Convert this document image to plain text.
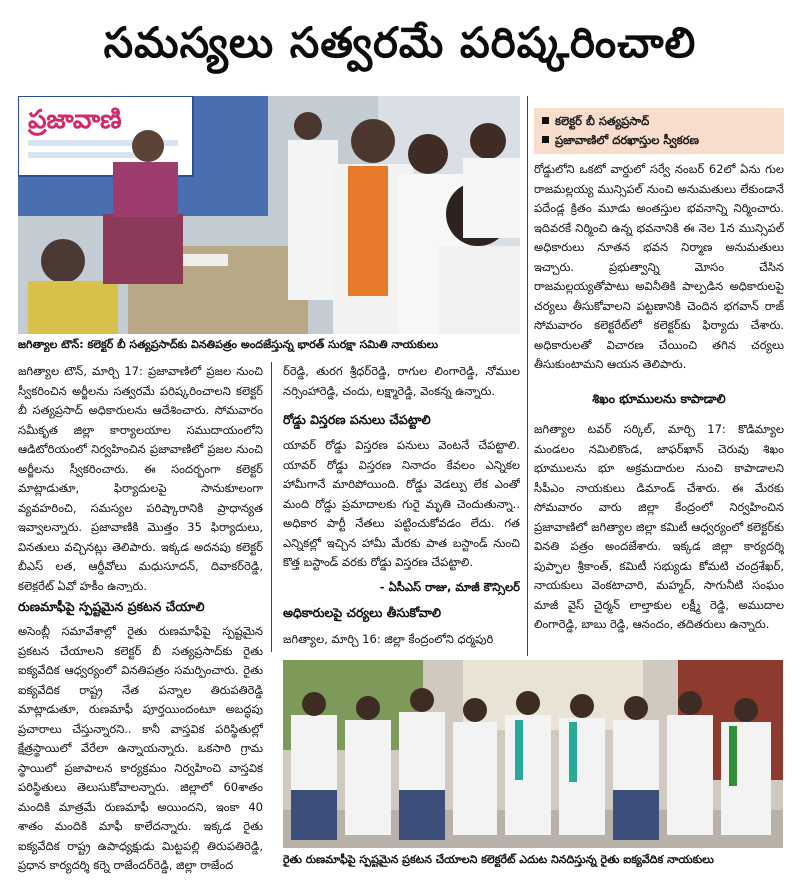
సమస్యలు సత్వరమే పరిష్కరించాలి
ప్రజావాణి
జగిత్యాల టౌన్: కలెక్టర్ బీ సత్యప్రసాద్‌కు వినతిపత్రం అందజేస్తున్న భారత్ సురక్షా సమితి నాయకులు
కలెక్టర్ బీ సత్యప్రసాద్
ప్రజావాణిలో దరఖాస్తుల స్వీకరణ
జగిత్యాల టౌన్, మార్చి 17: ప్రజావాణిలో ప్రజల నుంచి స్వీకరించిన అర్జీలను సత్వరమే పరిష్కరించాలని కలెక్టర్ బీ సత్యప్రసాద్ అధికారులను ఆదేశించారు. సోమవారం సమీకృత జిల్లా కార్యాలయాల సముదాయంలోని ఆడిటోరియంలో నిర్వహించిన ప్రజావాణిలో ప్రజల నుంచి అర్జీలను స్వీకరించారు. ఈ సందర్భంగా కలెక్టర్ మాట్లాడుతూ, ఫిర్యాదులపై సానుకూలంగా వ్యవహరించి, సమస్యల పరిష్కారానికి ప్రాధాన్యత ఇవ్వాలన్నారు. ప్రజావాణికి మొత్తం 35 ఫిర్యాదులు, వినతులు వచ్చినట్లు తెలిపారు. ఇక్కడ అదనపు కలెక్టర్ బీఎస్ లత, ఆర్డీవోలు మధుసూదన్, దివాకర్‌రెడ్డి, కలెక్టరేట్ ఏవో హకీం ఉన్నారు.
రుణమాఫీపై స్పష్టమైన ప్రకటన చేయాలి
అసెంబ్లీ సమావేశాల్లో రైతు రుణమాఫీపై స్పష్టమైన ప్రకటన చేయాలని కలెక్టర్ బీ సత్యప్రసాద్‌కు రైతు ఐక్యవేదిక ఆధ్వర్యంలో వినతిపత్రం సమర్పించారు. రైతు ఐక్యవేదిక రాష్ట్ర నేత పన్నాల తిరుపతిరెడ్డి మాట్లాడుతూ, రుణమాఫీ పూర్తయిందంటూ అబద్ధపు ప్రచారాలు చేస్తున్నారని.. కానీ వాస్తవిక పరిస్థితుల్లో క్షేత్రస్థాయిలో వేరేలా ఉన్నాయన్నారు. ఒకసారి గ్రామ స్థాయిలో ప్రజాపాలన కార్యక్రమం నిర్వహించి వాస్తవిక పరిస్థితులు తెలుసుకోవాలన్నారు. జిల్లాలో 60శాతం మందికి మాత్రమే రుణమాఫీ అయిందని, ఇంకా 40 శాతం మందికి మాఫీ కాలేదన్నారు. ఇక్కడ రైతు ఐక్యవేదిక రాష్ట్ర ఉపాధ్యక్షుడు మిట్టపల్లి తిరుపతిరెడ్డి, ప్రధాన కార్యదర్శి కర్నె రాజేందర్‌రెడ్డి, జిల్లా రాజేంద
ర్‌రెడ్డి, తురగ శ్రీధర్‌రెడ్డి, రాగుల లింగారెడ్డి, నోముల నర్సింహారెడ్డి, చందు, లక్ష్మారెడ్డి, వెంకన్న ఉన్నారు.
రోడ్డు విస్తరణ పనులు చేపట్టాలి
యావర్ రోడ్డు విస్తరణ పనులు వెంటనే చేపట్టాలి. యావర్ రోడ్డు విస్తరణ నినాదం కేవలం ఎన్నికల హామీగానే మారిపోయింది. రోడ్డు వెడల్పు లేక ఎంతో మంది రోడ్డు ప్రమాదాలకు గురై మృతి చెందుతున్నా.. అధికార పార్టీ నేతలు పట్టించుకోవడం లేదు. గత ఎన్నికల్లో ఇచ్చిన హామీ మేరకు పాత బస్టాండ్ నుంచి కొత్త బస్టాండ్ వరకు రోడ్డు విస్తరణ చేపట్టాలి.
- ఏసీఎస్ రాజు, మాజీ కౌన్సిలర్
అధికారులపై చర్యలు తీసుకోవాలి
జగిత్యాల, మార్చి 16: జిల్లా కేంద్రంలోని ధర్మపురి
రోడ్డులోని ఒకటో వార్డులో సర్వే నంబర్ 62లో ఏను గుల రాజమల్లయ్య మున్సిపల్ నుంచి అనుమతులు లేకుండానే పదేండ్ల క్రితం మూడు అంతస్తుల భవనాన్ని నిర్మించారు. ఇదివరకే నిర్మించి ఉన్న భవనానికి ఈ నెల 1న మున్సిపల్ అధికారులు నూతన భవన నిర్మాణ అనుమతులు ఇచ్చారు. ప్రభుత్వాన్ని మోసం చేసిన రాజమల్లయ్యతోపాటు అవినీతికి పాల్పడిన అధికారులపై చర్యలు తీసుకోవాలని పట్టణానికి చెందిన భగవాన్ రాజ్ సోమవారం కలెక్టరేట్‌లో కలెక్టర్‌కు ఫిర్యాదు చేశారు. అధికారులతో విచారణ చేయించి తగిన చర్యలు తీసుకుంటామని ఆయన తెలిపారు.
శిఖం భూములను కాపాడాలి
జగిత్యాల టవర్ సర్కిల్, మార్చి 17: కొడిమ్యాల మండలం నమిలికొండ, జాఫర్‌ఖాన్ చెరువు శిఖం భూములను భూ అక్రమదారుల నుంచి కాపాడాలని సీపీఎం నాయకులు డిమాండ్ చేశారు. ఈ మేరకు సోమవారం వారు జిల్లా కేంద్రంలో నిర్వహించిన ప్రజావాణిలో జగిత్యాల జిల్లా కమిటీ ఆధ్వర్యంలో కలెక్టర్‌కు వినతి పత్రం అందజేశారు. ఇక్కడ జిల్లా కార్యదర్శి పుప్పాల శ్రీకాంత్, కమిటీ సభ్యుడు కోమటి చంద్రశేఖర్, నాయకులు వెంకటాచారి, మహ్మద్, సాగునీటి సంఘం మాజీ వైస్ చైర్మన్ లాల్తాకుల లక్ష్మీ రెడ్డి, అముదాల లింగారెడ్డి, బాబు రెడ్డి, ఆనందం, తదితరులు ఉన్నారు.
రైతు రుణమాఫీపై స్పష్టమైన ప్రకటన చేయాలని కలెక్టరేట్ ఎదుట నినదిస్తున్న రైతు ఐక్యవేదిక నాయకులు
